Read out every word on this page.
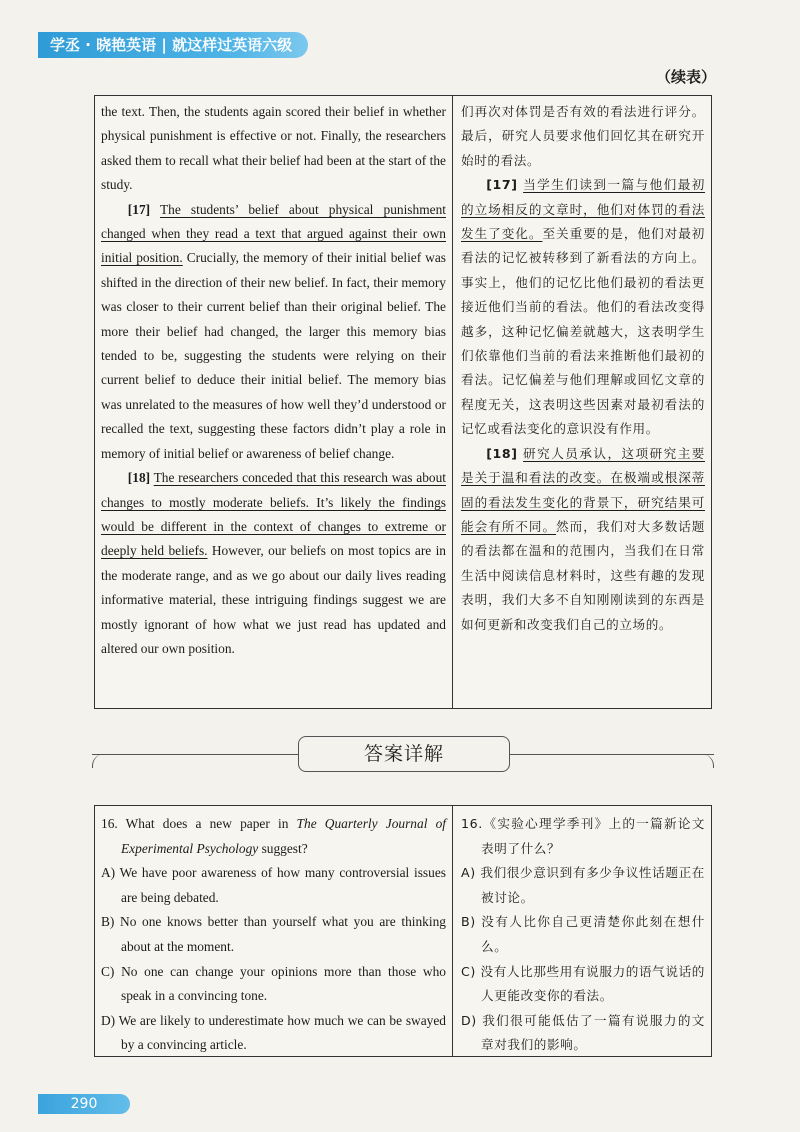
学丞 · 晓艳英语 | 就这样过英语六级
（续表）

the text. Then, the students again scored their belief in whether physical punishment is effective or not. Finally, the researchers asked them to recall what their belief had been at the start of the study.

[17] The students’ belief about physical punishment changed when they read a text that argued against their own initial position. Crucially, the memory of their initial belief was shifted in the direction of their new belief. In fact, their memory was closer to their current belief than their original belief. The more their belief had changed, the larger this memory bias tended to be, suggesting the students were relying on their current belief to deduce their initial belief. The memory bias was unrelated to the measures of how well they’d understood or recalled the text, suggesting these factors didn’t play a role in memory of initial belief or awareness of belief change.

[18] The researchers conceded that this research was about changes to mostly moderate beliefs. It’s likely the findings would be different in the context of changes to extreme or deeply held beliefs. However, our beliefs on most topics are in the moderate range, and as we go about our daily lives reading informative material, these intriguing findings suggest we are mostly ignorant of how what we just read has updated and altered our own position.

们再次对体罚是否有效的看法进行评分。最后，研究人员要求他们回忆其在研究开始时的看法。

[17] 当学生们读到一篇与他们最初的立场相反的文章时，他们对体罚的看法发生了变化。至关重要的是，他们对最初看法的记忆被转移到了新看法的方向上。事实上，他们的记忆比他们最初的看法更接近他们当前的看法。他们的看法改变得越多，这种记忆偏差就越大，这表明学生们依靠他们当前的看法来推断他们最初的看法。记忆偏差与他们理解或回忆文章的程度无关，这表明这些因素对最初看法的记忆或看法变化的意识没有作用。

[18] 研究人员承认，这项研究主要是关于温和看法的改变。在极端或根深蒂固的看法发生变化的背景下，研究结果可能会有所不同。然而，我们对大多数话题的看法都在温和的范围内，当我们在日常生活中阅读信息材料时，这些有趣的发现表明，我们大多不自知刚刚读到的东西是如何更新和改变我们自己的立场的。

答案详解

16. What does a new paper in The Quarterly Journal of Experimental Psychology suggest?

A) We have poor awareness of how many controversial issues are being debated.

B) No one knows better than yourself what you are thinking about at the moment.

C) No one can change your opinions more than those who speak in a convincing tone.

D) We are likely to underestimate how much we can be swayed by a convincing article.

16.《实验心理学季刊》上的一篇新论文表明了什么？

A) 我们很少意识到有多少争议性话题正在被讨论。

B) 没有人比你自己更清楚你此刻在想什么。

C) 没有人比那些用有说服力的语气说话的人更能改变你的看法。

D) 我们很可能低估了一篇有说服力的文章对我们的影响。

290
